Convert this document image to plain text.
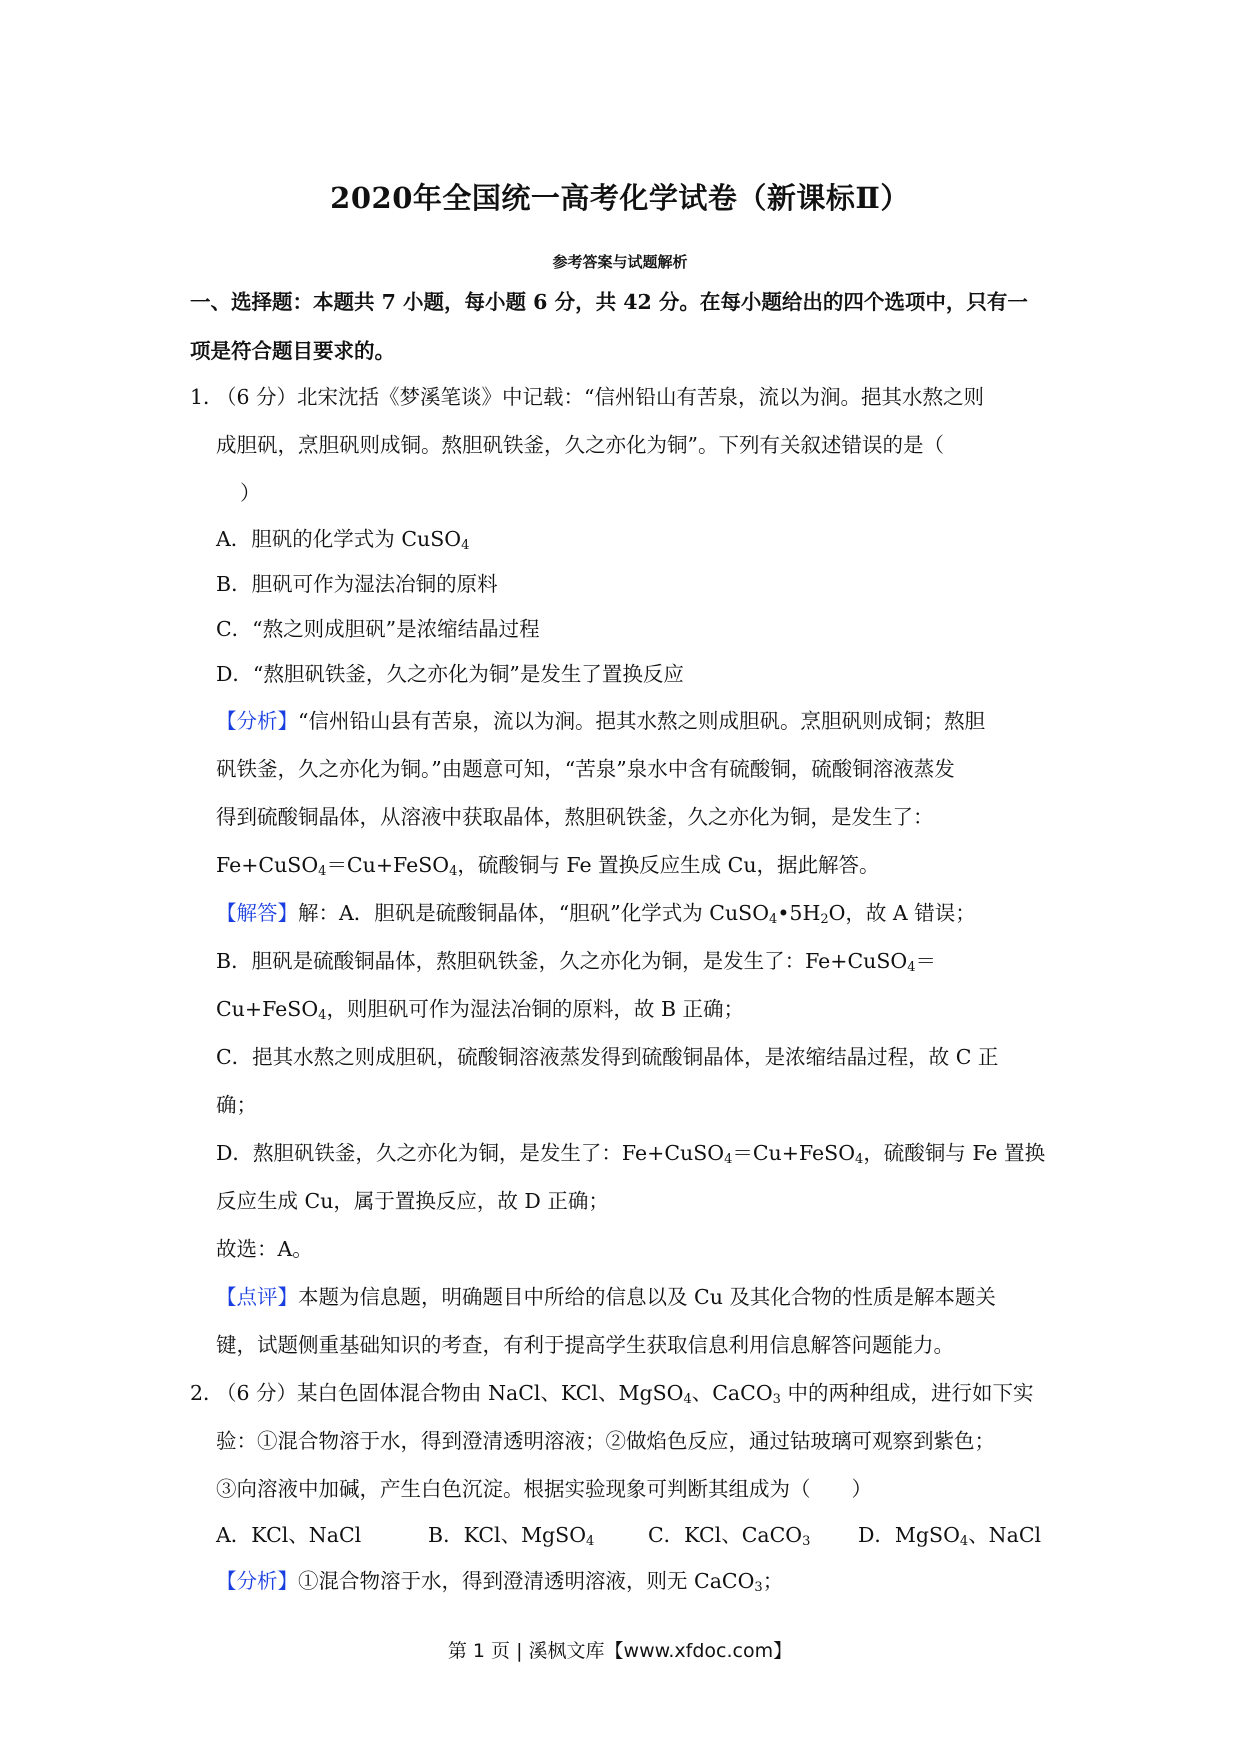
2020年全国统一高考化学试卷（新课标Ⅱ）
参考答案与试题解析
一、选择题：本题共 7 小题，每小题 6 分，共 42 分。在每小题给出的四个选项中，只有一
项是符合题目要求的。
1．
（6 分）北宋沈括《梦溪笔谈》中记载：“信州铅山有苦泉，流以为涧。挹其水熬之则
成胆矾，烹胆矾则成铜。熬胆矾铁釜，久之亦化为铜”。下列有关叙述错误的是（
）
A．胆矾的化学式为 CuSO$_4$
B．胆矾可作为湿法冶铜的原料
C．“熬之则成胆矾”是浓缩结晶过程
D．“熬胆矾铁釜，久之亦化为铜”是发生了置换反应
【分析】“信州铅山县有苦泉，流以为涧。挹其水熬之则成胆矾。烹胆矾则成铜；熬胆
矾铁釜，久之亦化为铜。”由题意可知，“苦泉”泉水中含有硫酸铜，硫酸铜溶液蒸发
得到硫酸铜晶体，从溶液中获取晶体，熬胆矾铁釜，久之亦化为铜，是发生了：
Fe+CuSO$_4$＝Cu+FeSO$_4$，硫酸铜与 Fe 置换反应生成 Cu，据此解答。
【解答】解：A．胆矾是硫酸铜晶体，“胆矾”化学式为 $CuSO_4•5H_2O$，故 A 错误；
B．胆矾是硫酸铜晶体，熬胆矾铁釜，久之亦化为铜，是发生了：Fe+CuSO$_4$＝
Cu+FeSO$_4$，则胆矾可作为湿法冶铜的原料，故 B 正确；
C．挹其水熬之则成胆矾，硫酸铜溶液蒸发得到硫酸铜晶体，是浓缩结晶过程，故 C 正
确；
D．熬胆矾铁釜，久之亦化为铜，是发生了：Fe+CuSO$_4$＝Cu+FeSO$_4$，硫酸铜与 Fe 置换
反应生成 Cu，属于置换反应，故 D 正确；
故选：A。
【点评】本题为信息题，明确题目中所给的信息以及 Cu 及其化合物的性质是解本题关
键，试题侧重基础知识的考查，有利于提高学生获取信息利用信息解答问题能力。
2．
（6 分）某白色固体混合物由 NaCl、KCl、MgSO$_4$、CaCO$_3$ 中的两种组成，进行如下实
验：①混合物溶于水，得到澄清透明溶液；②做焰色反应，通过钴玻璃可观察到紫色；
③向溶液中加碱，产生白色沉淀。根据实验现象可判断其组成为（　　）
A．KCl、NaCl	B．KCl、MgSO$_4$	C．KCl、CaCO$_3$ D．MgSO$_4$、NaCl
【分析】①混合物溶于水，得到澄清透明溶液，则无 CaCO$_3$；
第 1 页 | 溪枫文库【www.xfdoc.com】
